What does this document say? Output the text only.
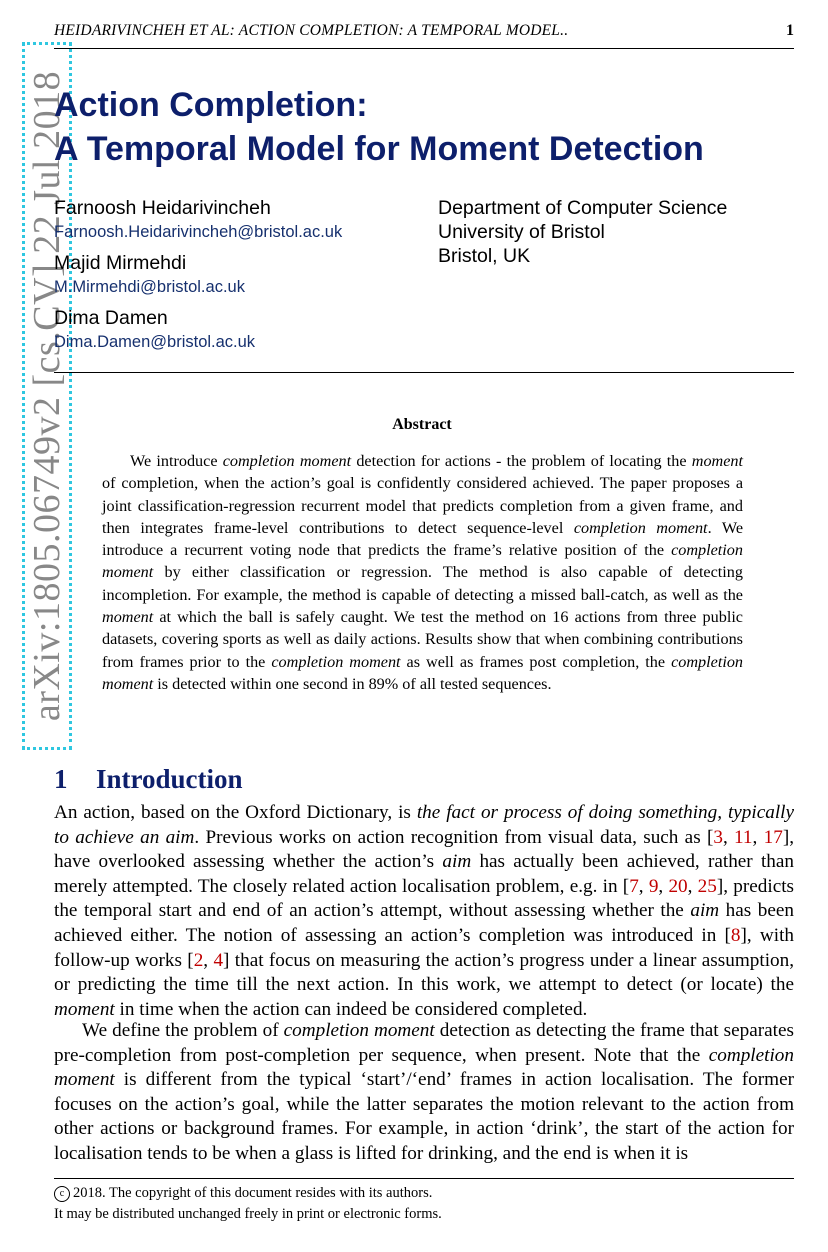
HEIDARIVINCHEH ET AL: ACTION COMPLETION: A TEMPORAL MODEL..	1
arXiv:1805.06749v2 [cs.CV] 22 Jul 2018
Action Completion:
A Temporal Model for Moment Detection
Farnoosh Heidarivincheh
Farnoosh.Heidarivincheh@bristol.ac.uk
Majid Mirmehdi
M.Mirmehdi@bristol.ac.uk
Dima Damen
Dima.Damen@bristol.ac.uk
Department of Computer Science
University of Bristol
Bristol, UK
Abstract

We introduce completion moment detection for actions - the problem of locating the moment of completion, when the action’s goal is confidently considered achieved. The paper proposes a joint classification-regression recurrent model that predicts completion from a given frame, and then integrates frame-level contributions to detect sequence-level completion moment. We introduce a recurrent voting node that predicts the frame’s relative position of the completion moment by either classification or regression. The method is also capable of detecting incompletion. For example, the method is capable of detecting a missed ball-catch, as well as the moment at which the ball is safely caught. We test the method on 16 actions from three public datasets, covering sports as well as daily actions. Results show that when combining contributions from frames prior to the completion moment as well as frames post completion, the completion moment is detected within one second in 89% of all tested sequences.

1 Introduction

An action, based on the Oxford Dictionary, is the fact or process of doing something, typically to achieve an aim. Previous works on action recognition from visual data, such as [3, 11, 17], have overlooked assessing whether the action’s aim has actually been achieved, rather than merely attempted. The closely related action localisation problem, e.g. in [7, 9, 20, 25], predicts the temporal start and end of an action’s attempt, without assessing whether the aim has been achieved either. The notion of assessing an action’s completion was introduced in [8], with follow-up works [2, 4] that focus on measuring the action’s progress under a linear assumption, or predicting the time till the next action. In this work, we attempt to detect (or locate) the moment in time when the action can indeed be considered completed.

We define the problem of completion moment detection as detecting the frame that separates pre-completion from post-completion per sequence, when present. Note that the completion moment is different from the typical ‘start’/‘end’ frames in action localisation. The former focuses on the action’s goal, while the latter separates the motion relevant to the action from other actions or background frames. For example, in action ‘drink’, the start of the action for localisation tends to be when a glass is lifted for drinking, and the end is when it is

c 2018. The copyright of this document resides with its authors.
It may be distributed unchanged freely in print or electronic forms.
